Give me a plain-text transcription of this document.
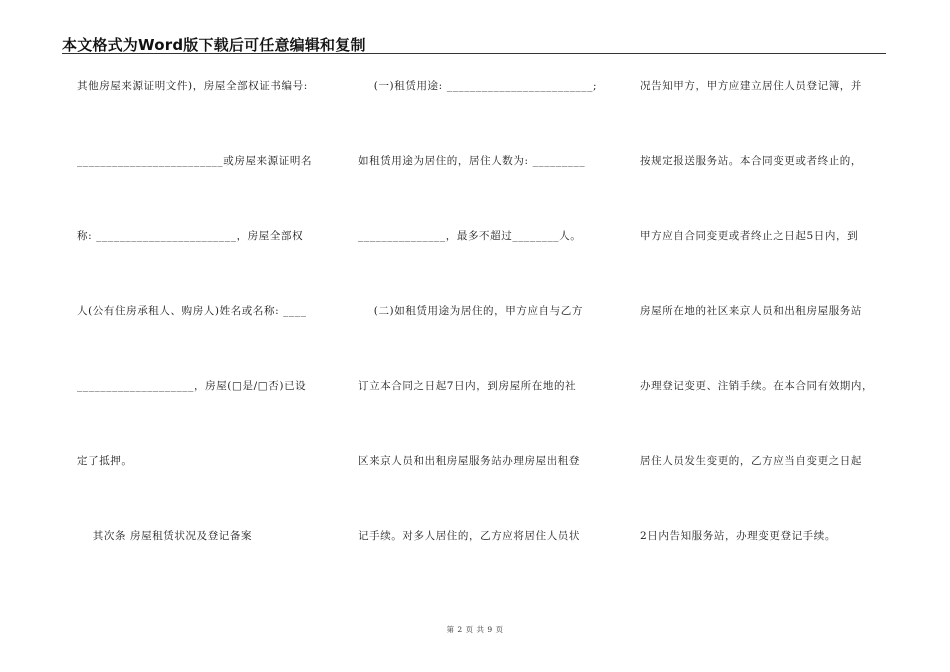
本文格式为Word版下载后可任意编辑和复制
其他房屋来源证明文件)，房屋全部权证书编号:
_________________________或房屋来源证明名
称: ________________________，房屋全部权
人(公有住房承租人、购房人)姓名或名称: ____
____________________，房屋(□是/□否)已设
定了抵押。
其次条 房屋租赁状况及登记备案
(一)租赁用途: _________________________;
如租赁用途为居住的，居住人数为: _________
_______________，最多不超过________人。
(二)如租赁用途为居住的，甲方应自与乙方
订立本合同之日起7日内，到房屋所在地的社
区来京人员和出租房屋服务站办理房屋出租登
记手续。对多人居住的，乙方应将居住人员状
况告知甲方，甲方应建立居住人员登记簿，并
按规定报送服务站。本合同变更或者终止的，
甲方应自合同变更或者终止之日起5日内，到
房屋所在地的社区来京人员和出租房屋服务站
办理登记变更、注销手续。在本合同有效期内，
居住人员发生变更的，乙方应当自变更之日起
2日内告知服务站，办理变更登记手续。
第 2 页 共 9 页
